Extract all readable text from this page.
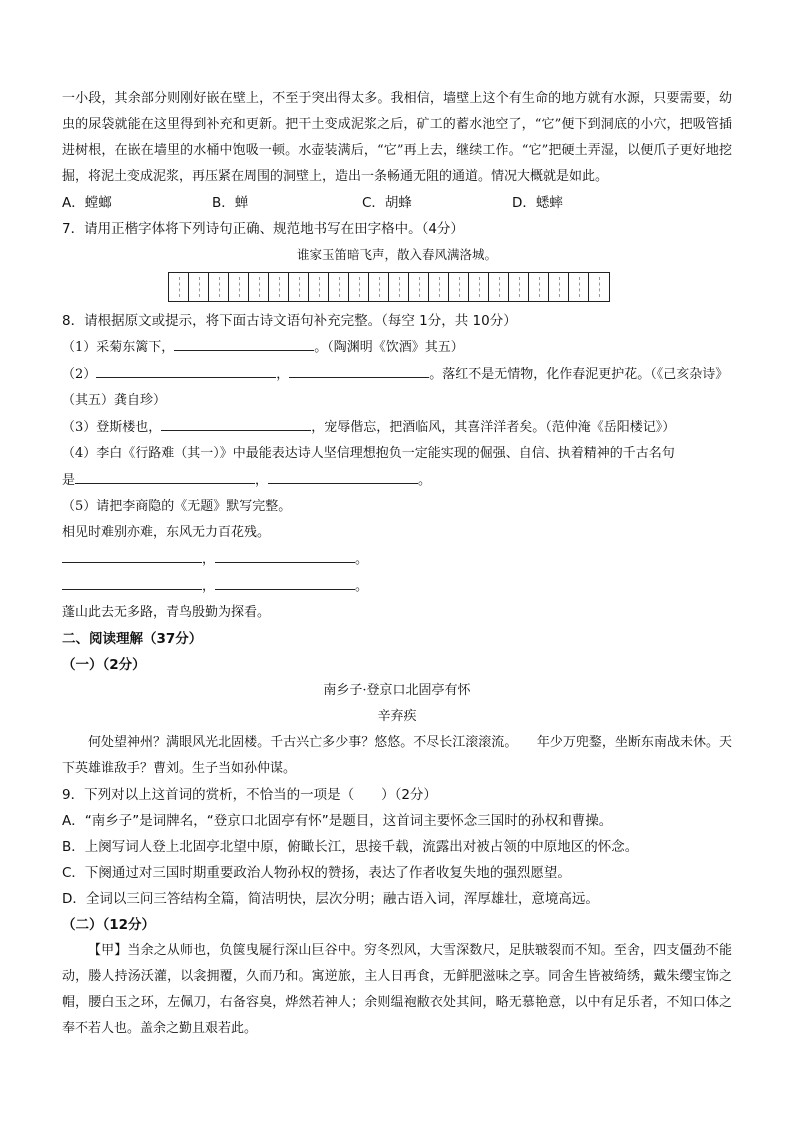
一小段，其余部分则刚好嵌在壁上，不至于突出得太多。我相信，墙壁上这个有生命的地方就有水源，只要需要，幼虫的尿袋就能在这里得到补充和更新。把干土变成泥浆之后，矿工的蓄水池空了，“它”便下到洞底的小穴，把吸管插进树根，在嵌在墙里的水桶中饱吸一顿。水壶装满后，“它”再上去，继续工作。“它”把硬土弄湿，以便爪子更好地挖掘，将泥土变成泥浆，再压紧在周围的洞壁上，造出一条畅通无阻的通道。情况大概就是如此。

A．螳螂	B．蝉	C．胡蜂	D．蟋蟀

7．请用正楷字体将下列诗句正确、规范地书写在田字格中。（4分）

谁家玉笛暗飞声，散入春风满洛城。

8．请根据原文或提示，将下面古诗文语句补充完整。（每空 1分，共 10分）

（1）采菊东篱下，	。（陶渊明《饮酒》其五）

（2）	，	。落红不是无情物，化作春泥更护花。（《己亥杂诗》

（其五）龚自珍）

（3）登斯楼也，	，宠辱偕忘，把酒临风，其喜洋洋者矣。（范仲淹《岳阳楼记》）

（4）李白《行路难（其一）》中最能表达诗人坚信理想抱负一定能实现的倔强、自信、执着精神的千古名句

是	，	。

（5）请把李商隐的《无题》默写完整。

相见时难别亦难，东风无力百花残。

，	。

，	。

蓬山此去无多路，青鸟殷勤为探看。

二、阅读理解（37分）

（一）（2分）

南乡子·登京口北固亭有怀

辛弃疾

何处望神州？满眼风光北固楼。千古兴亡多少事？悠悠。不尽长江滚滚流。　　年少万兜鍪，坐断东南战未休。天下英雄谁敌手？曹刘。生子当如孙仲谋。

9．下列对以上这首词的赏析，不恰当的一项是（　　）（2分）

A．“南乡子”是词牌名，“登京口北固亭有怀”是题目，这首词主要怀念三国时的孙权和曹操。

B．上阕写词人登上北固亭北望中原，俯瞰长江，思接千载，流露出对被占领的中原地区的怀念。

C．下阕通过对三国时期重要政治人物孙权的赞扬，表达了作者收复失地的强烈愿望。

D．全词以三问三答结构全篇，简洁明快，层次分明；融古语入词，浑厚雄壮，意境高远。

（二）（12分）

【甲】当余之从师也，负箧曳屣行深山巨谷中。穷冬烈风，大雪深数尺，足肤皲裂而不知。至舍，四支僵劲不能动，媵人持汤沃灌，以衾拥覆，久而乃和。寓逆旅，主人日再食，无鲜肥滋味之享。同舍生皆被绮绣，戴朱缨宝饰之帽，腰白玉之环，左佩刀，右备容臭，烨然若神人；余则缊袍敝衣处其间，略无慕艳意，以中有足乐者，不知口体之奉不若人也。盖余之勤且艰若此。
